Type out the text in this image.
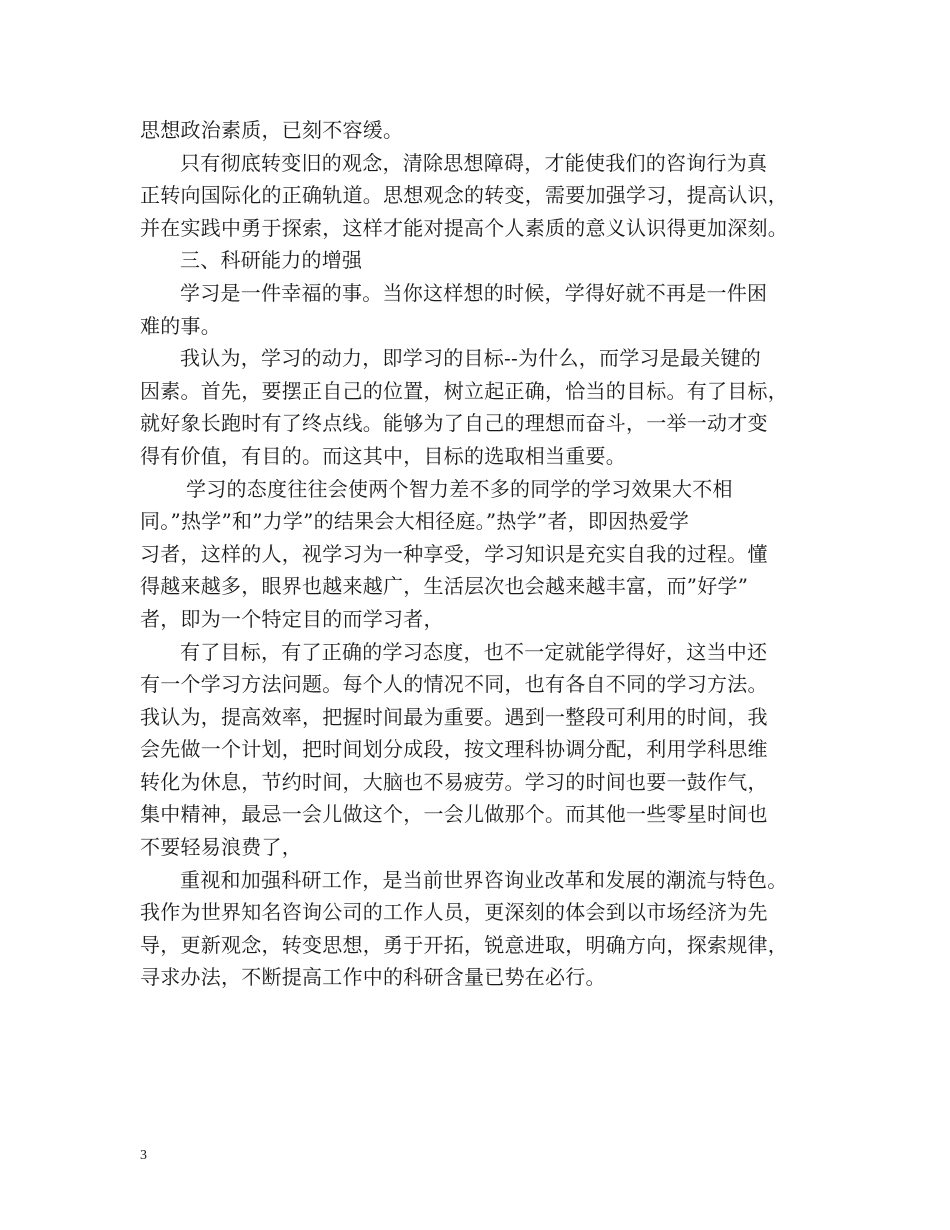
思想政治素质，已刻不容缓。
只有彻底转变旧的观念，清除思想障碍，才能使我们的咨询行为真
正转向国际化的正确轨道。思想观念的转变，需要加强学习，提高认识，
并在实践中勇于探索，这样才能对提高个人素质的意义认识得更加深刻。
三、科研能力的增强
学习是一件幸福的事。当你这样想的时候，学得好就不再是一件困
难的事。
我认为，学习的动力，即学习的目标--为什么，而学习是最关键的
因素。首先，要摆正自己的位置，树立起正确，恰当的目标。有了目标，
就好象长跑时有了终点线。能够为了自己的理想而奋斗，一举一动才变
得有价值，有目的。而这其中，目标的选取相当重要。
学习的态度往往会使两个智力差不多的同学的学习效果大不相
同。”热学”和”力学”的结果会大相径庭。”热学”者，即因热爱学
习者，这样的人，视学习为一种享受，学习知识是充实自我的过程。懂
得越来越多，眼界也越来越广，生活层次也会越来越丰富，而”好学”
者，即为一个特定目的而学习者，
有了目标，有了正确的学习态度，也不一定就能学得好，这当中还
有一个学习方法问题。每个人的情况不同，也有各自不同的学习方法。
我认为，提高效率，把握时间最为重要。遇到一整段可利用的时间，我
会先做一个计划，把时间划分成段，按文理科协调分配，利用学科思维
转化为休息，节约时间，大脑也不易疲劳。学习的时间也要一鼓作气，
集中精神，最忌一会儿做这个，一会儿做那个。而其他一些零星时间也
不要轻易浪费了，
重视和加强科研工作，是当前世界咨询业改革和发展的潮流与特色。
我作为世界知名咨询公司的工作人员，更深刻的体会到以市场经济为先
导，更新观念，转变思想，勇于开拓，锐意进取，明确方向，探索规律，
寻求办法，不断提高工作中的科研含量已势在必行。
3
